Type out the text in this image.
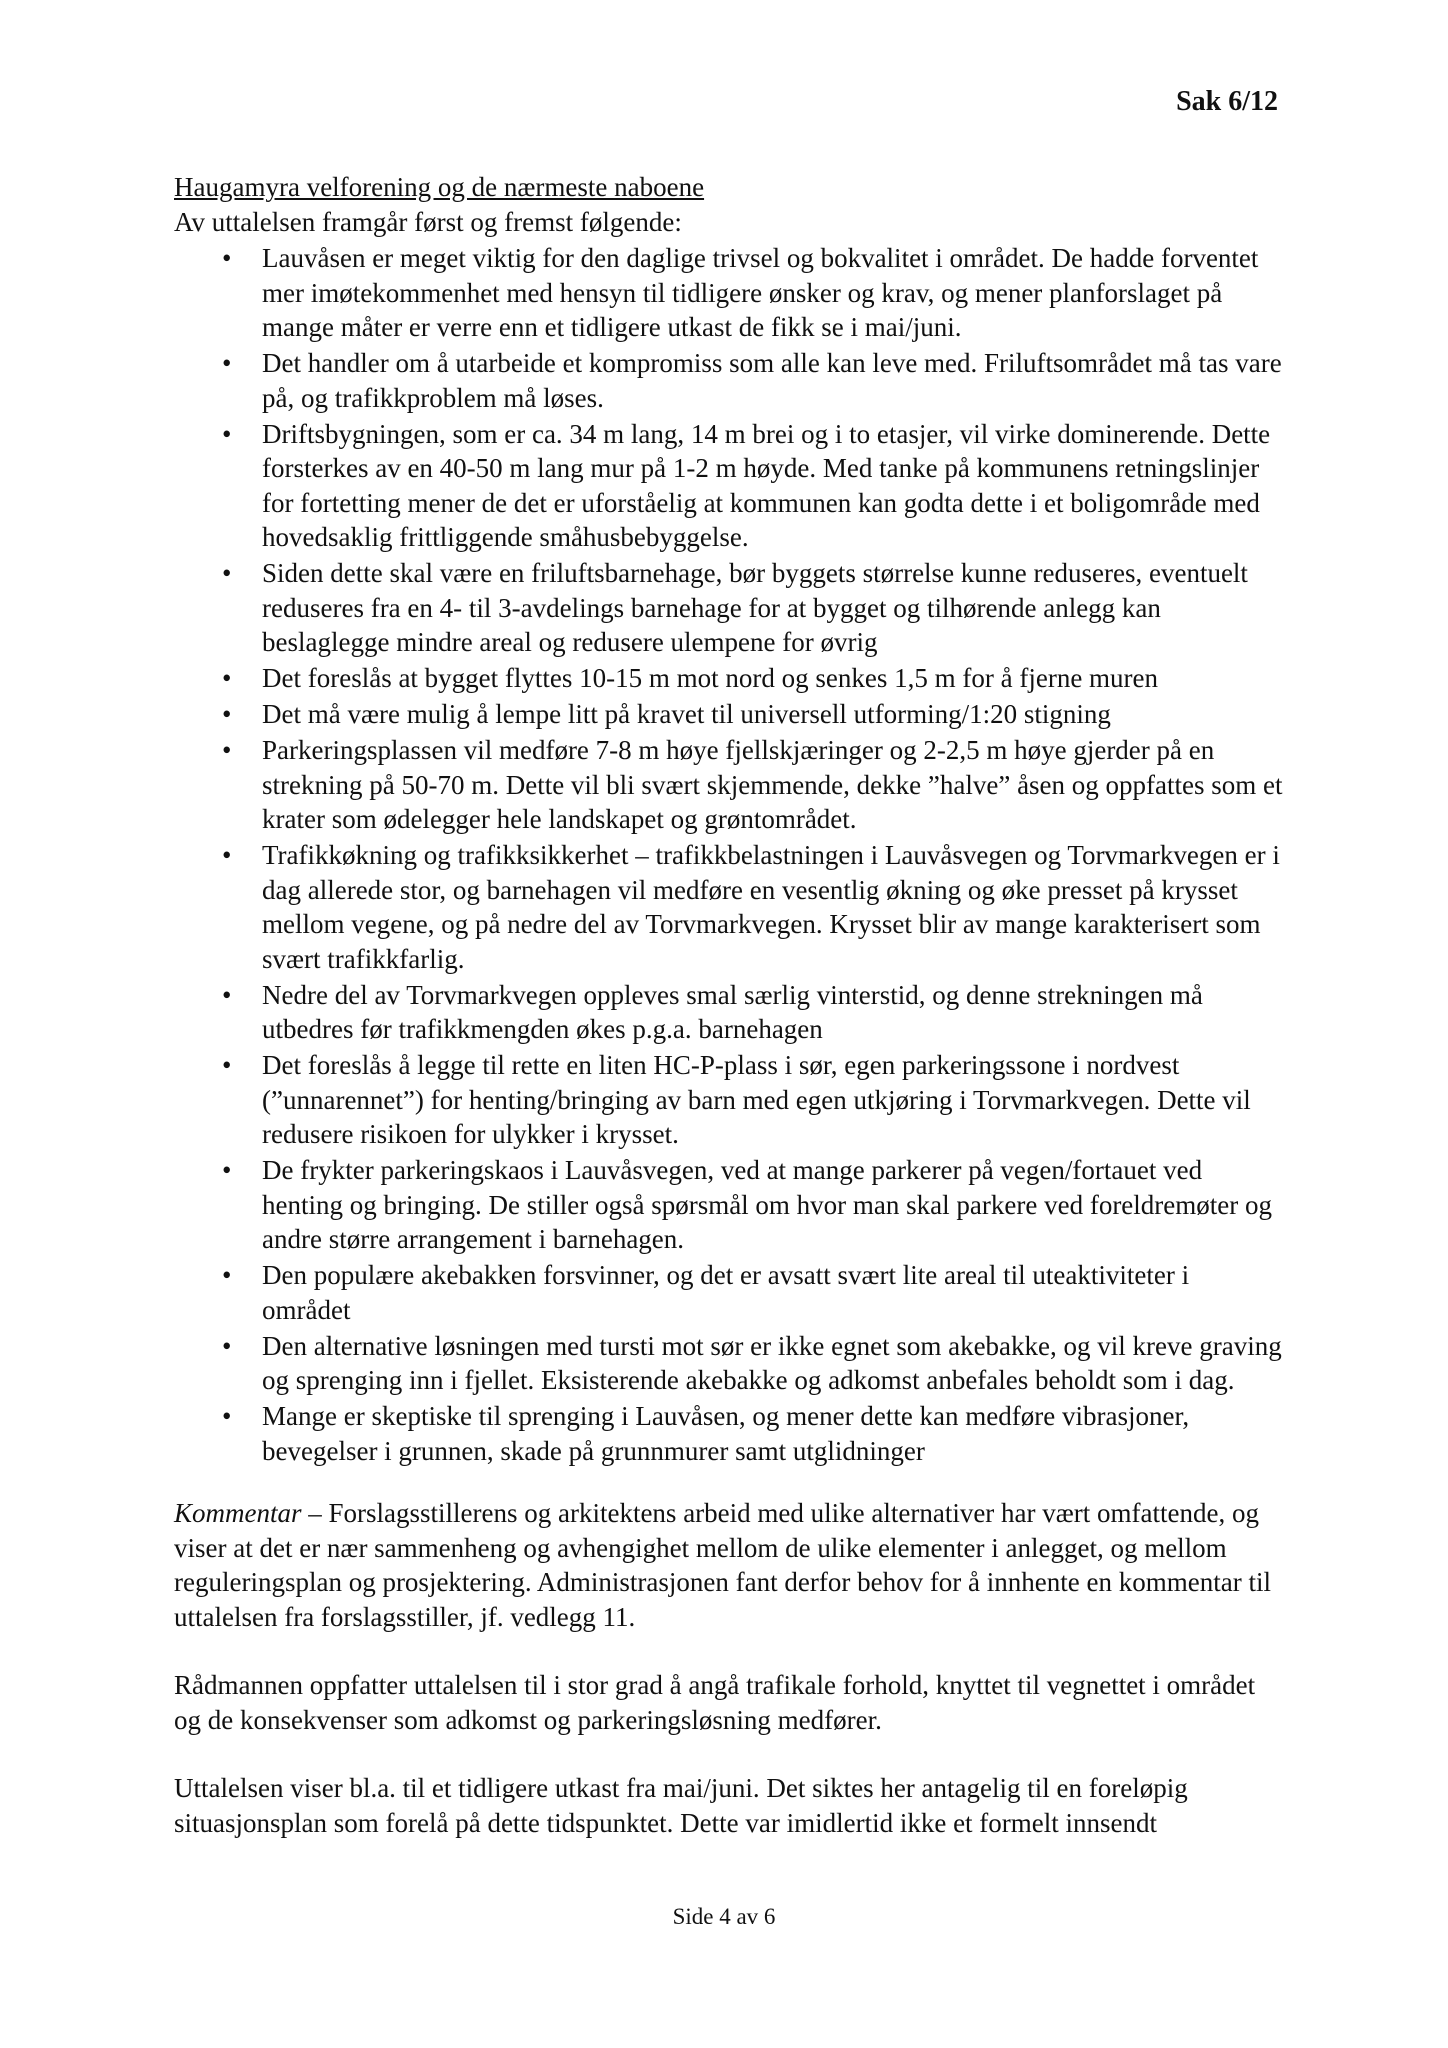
Sak 6/12

Haugamyra velforening og de nærmeste naboene

Av uttalelsen framgår først og fremst følgende:

• Lauvåsen er meget viktig for den daglige trivsel og bokvalitet i området. De hadde forventet mer imøtekommenhet med hensyn til tidligere ønsker og krav, og mener planforslaget på mange måter er verre enn et tidligere utkast de fikk se i mai/juni.
• Det handler om å utarbeide et kompromiss som alle kan leve med. Friluftsområdet må tas vare på, og trafikkproblem må løses.
• Driftsbygningen, som er ca. 34 m lang, 14 m brei og i to etasjer, vil virke dominerende. Dette forsterkes av en 40-50 m lang mur på 1-2 m høyde. Med tanke på kommunens retningslinjer for fortetting mener de det er uforståelig at kommunen kan godta dette i et boligområde med hovedsaklig frittliggende småhusbebyggelse.
• Siden dette skal være en friluftsbarnehage, bør byggets størrelse kunne reduseres, eventuelt reduseres fra en 4- til 3-avdelings barnehage for at bygget og tilhørende anlegg kan beslaglegge mindre areal og redusere ulempene for øvrig
• Det foreslås at bygget flyttes 10-15 m mot nord og senkes 1,5 m for å fjerne muren
• Det må være mulig å lempe litt på kravet til universell utforming/1:20 stigning
• Parkeringsplassen vil medføre 7-8 m høye fjellskjæringer og 2-2,5 m høye gjerder på en strekning på 50-70 m. Dette vil bli svært skjemmende, dekke ”halve” åsen og oppfattes som et krater som ødelegger hele landskapet og grøntområdet.
• Trafikkøkning og trafikksikkerhet – trafikkbelastningen i Lauvåsvegen og Torvmarkvegen er i dag allerede stor, og barnehagen vil medføre en vesentlig økning og øke presset på krysset mellom vegene, og på nedre del av Torvmarkvegen. Krysset blir av mange karakterisert som svært trafikkfarlig.
• Nedre del av Torvmarkvegen oppleves smal særlig vinterstid, og denne strekningen må utbedres før trafikkmengden økes p.g.a. barnehagen
• Det foreslås å legge til rette en liten HC-P-plass i sør, egen parkeringssone i nordvest (”unnarennet”) for henting/bringing av barn med egen utkjøring i Torvmarkvegen. Dette vil redusere risikoen for ulykker i krysset.
• De frykter parkeringskaos i Lauvåsvegen, ved at mange parkerer på vegen/fortauet ved henting og bringing. De stiller også spørsmål om hvor man skal parkere ved foreldremøter og andre større arrangement i barnehagen.
• Den populære akebakken forsvinner, og det er avsatt svært lite areal til uteaktiviteter i området
• Den alternative løsningen med tursti mot sør er ikke egnet som akebakke, og vil kreve graving og sprenging inn i fjellet. Eksisterende akebakke og adkomst anbefales beholdt som i dag.
• Mange er skeptiske til sprenging i Lauvåsen, og mener dette kan medføre vibrasjoner, bevegelser i grunnen, skade på grunnmurer samt utglidninger

Kommentar – Forslagsstillerens og arkitektens arbeid med ulike alternativer har vært omfattende, og viser at det er nær sammenheng og avhengighet mellom de ulike elementer i anlegget, og mellom reguleringsplan og prosjektering. Administrasjonen fant derfor behov for å innhente en kommentar til uttalelsen fra forslagsstiller, jf. vedlegg 11.

Rådmannen oppfatter uttalelsen til i stor grad å angå trafikale forhold, knyttet til vegnettet i området og de konsekvenser som adkomst og parkeringsløsning medfører.

Uttalelsen viser bl.a. til et tidligere utkast fra mai/juni. Det siktes her antagelig til en foreløpig situasjonsplan som forelå på dette tidspunktet. Dette var imidlertid ikke et formelt innsendt

Side 4 av 6
